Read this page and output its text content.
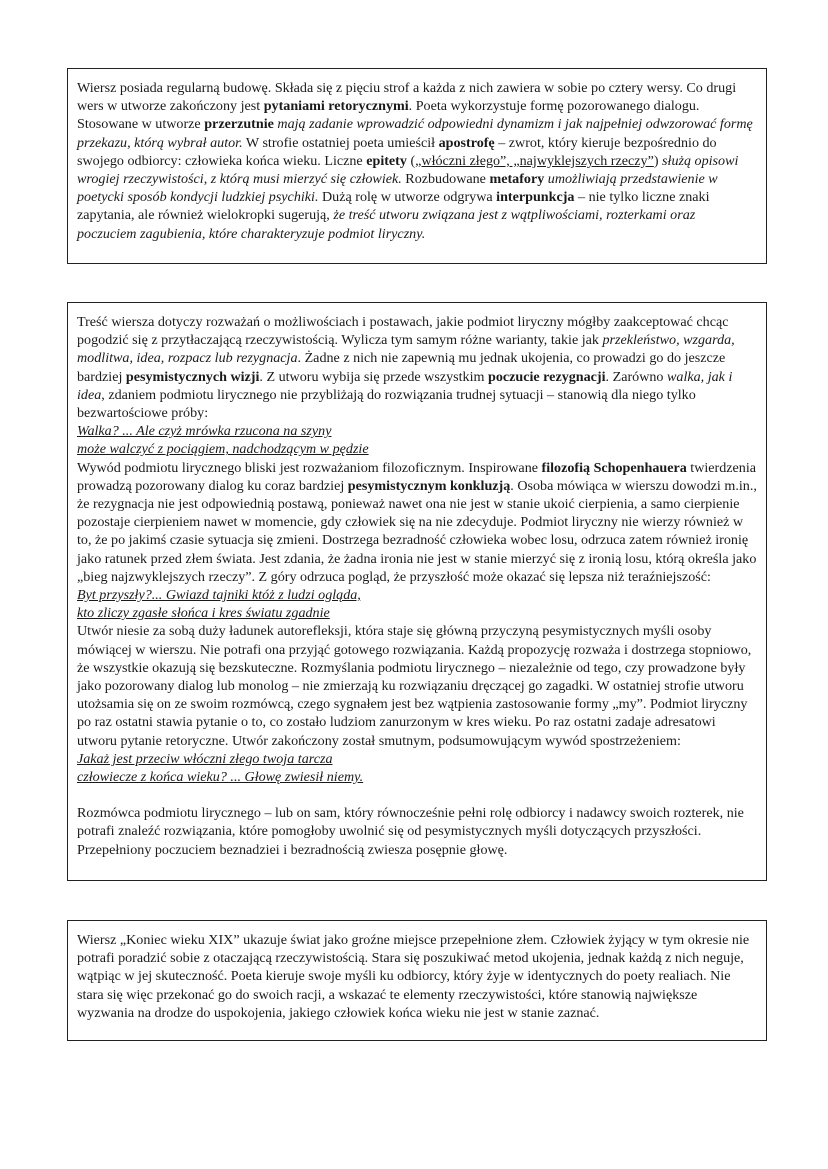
Wiersz posiada regularną budowę. Składa się z pięciu strof a każda z nich zawiera w sobie po cztery wersy. Co drugi wers w utworze zakończony jest pytaniami retorycznymi. Poeta wykorzystuje formę pozorowanego dialogu. Stosowane w utworze przerzutnie mają zadanie wprowadzić odpowiedni dynamizm i jak najpełniej odwzorować formę przekazu, którą wybrał autor. W strofie ostatniej poeta umieścił apostrofę – zwrot, który kieruje bezpośrednio do swojego odbiorcy: człowieka końca wieku. Liczne epitety („włóczni złego”, „najwyklejszych rzeczy”) służą opisowi wrogiej rzeczywistości, z którą musi mierzyć się człowiek. Rozbudowane metafory umożliwiają przedstawienie w poetycki sposób kondycji ludzkiej psychiki. Dużą rolę w utworze odgrywa interpunkcja – nie tylko liczne znaki zapytania, ale również wielokropki sugerują, że treść utworu związana jest z wątpliwościami, rozterkami oraz poczuciem zagubienia, które charakteryzuje podmiot liryczny.

Treść wiersza dotyczy rozważań o możliwościach i postawach, jakie podmiot liryczny mógłby zaakceptować chcąc pogodzić się z przytłaczającą rzeczywistością. Wylicza tym samym różne warianty, takie jak przekleństwo, wzgarda, modlitwa, idea, rozpacz lub rezygnacja. Żadne z nich nie zapewnią mu jednak ukojenia, co prowadzi go do jeszcze bardziej pesymistycznych wizji. Z utworu wybija się przede wszystkim poczucie rezygnacji. Zarówno walka, jak i idea, zdaniem podmiotu lirycznego nie przybliżają do rozwiązania trudnej sytuacji – stanowią dla niego tylko bezwartościowe próby:

Walka? ... Ale czyż mrówka rzucona na szyny
może walczyć z pociągiem, nadchodzącym w pędzie

Wywód podmiotu lirycznego bliski jest rozważaniom filozoficznym. Inspirowane filozofią Schopenhauera twierdzenia prowadzą pozorowany dialog ku coraz bardziej pesymistycznym konkluzją. Osoba mówiąca w wierszu dowodzi m.in., że rezygnacja nie jest odpowiednią postawą, ponieważ nawet ona nie jest w stanie ukoić cierpienia, a samo cierpienie pozostaje cierpieniem nawet w momencie, gdy człowiek się na nie zdecyduje. Podmiot liryczny nie wierzy również w to, że po jakimś czasie sytuacja się zmieni. Dostrzega bezradność człowieka wobec losu, odrzuca zatem również ironię jako ratunek przed złem świata. Jest zdania, że żadna ironia nie jest w stanie mierzyć się z ironią losu, którą określa jako „bieg najzwyklejszych rzeczy”. Z góry odrzuca pogląd, że przyszłość może okazać się lepsza niż teraźniejszość:

Byt przyszły?... Gwiazd tajniki któż z ludzi ogląda,
kto zliczy zgasłe słońca i kres światu zgadnie

Utwór niesie za sobą duży ładunek autorefleksji, która staje się główną przyczyną pesymistycznych myśli osoby mówiącej w wierszu. Nie potrafi ona przyjąć gotowego rozwiązania. Każdą propozycję rozważa i dostrzega stopniowo, że wszystkie okazują się bezskuteczne. Rozmyślania podmiotu lirycznego – niezależnie od tego, czy prowadzone były jako pozorowany dialog lub monolog – nie zmierzają ku rozwiązaniu dręczącej go zagadki. W ostatniej strofie utworu utożsamia się on ze swoim rozmówcą, czego sygnałem jest bez wątpienia zastosowanie formy „my”. Podmiot liryczny po raz ostatni stawia pytanie o to, co zostało ludziom zanurzonym w kres wieku. Po raz ostatni zadaje adresatowi utworu pytanie retoryczne. Utwór zakończony został smutnym, podsumowującym wywód spostrzeżeniem:

Jakaż jest przeciw włóczni złego twoja tarcza
człowiecze z końca wieku? ... Głowę zwiesił niemy.

Rozmówca podmiotu lirycznego – lub on sam, który równocześnie pełni rolę odbiorcy i nadawcy swoich rozterek, nie potrafi znaleźć rozwiązania, które pomogłoby uwolnić się od pesymistycznych myśli dotyczących przyszłości. Przepełniony poczuciem beznadziei i bezradnością zwiesza posępnie głowę.

Wiersz „Koniec wieku XIX” ukazuje świat jako groźne miejsce przepełnione złem. Człowiek żyjący w tym okresie nie potrafi poradzić sobie z otaczającą rzeczywistością. Stara się poszukiwać metod ukojenia, jednak każdą z nich neguje, wątpiąc w jej skuteczność. Poeta kieruje swoje myśli ku odbiorcy, który żyje w identycznych do poety realiach. Nie stara się więc przekonać go do swoich racji, a wskazać te elementy rzeczywistości, które stanowią największe wyzwania na drodze do uspokojenia, jakiego człowiek końca wieku nie jest w stanie zaznać.
